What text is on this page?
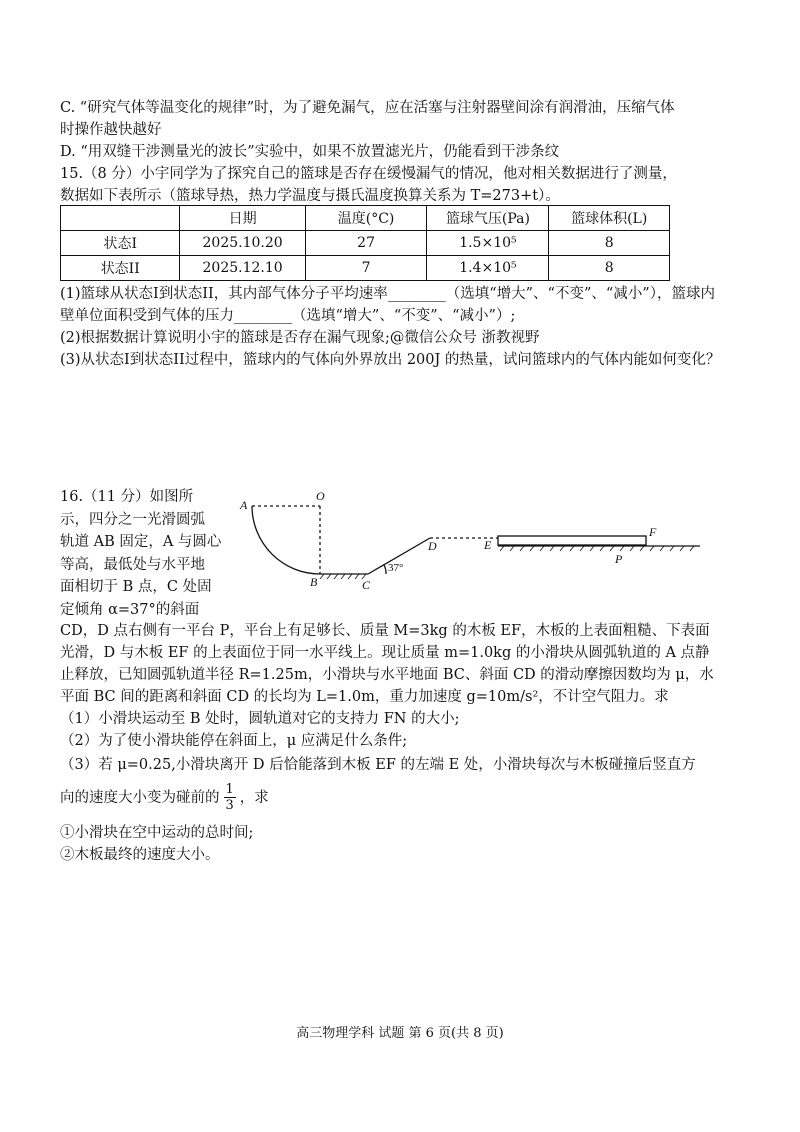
C. “研究气体等温变化的规律”时，为了避免漏气，应在活塞与注射器壁间涂有润滑油，压缩气体
时操作越快越好
D. “用双缝干涉测量光的波长”实验中，如果不放置滤光片，仍能看到干涉条纹
15.（8 分）小宇同学为了探究自己的篮球是否存在缓慢漏气的情况，他对相关数据进行了测量，
数据如下表所示（篮球导热，热力学温度与摄氏温度换算关系为 T=273+t）。
	日期	温度(°C)	篮球气压(Pa)	篮球体积(L)
状态I	2025.10.20	27	1.5×10⁵	8
状态II	2025.12.10	7	1.4×10⁵	8
(1)篮球从状态I到状态II，其内部气体分子平均速率________（选填“增大”、“不变”、“减小”），篮球内
壁单位面积受到气体的压力________（选填“增大”、“不变”、“减小”）;
(2)根据数据计算说明小宇的篮球是否存在漏气现象;@微信公众号 浙教视野
(3)从状态I到状态II过程中，篮球内的气体向外界放出 200J 的热量，试问篮球内的气体内能如何变化？
16.（11 分）如图所
示，四分之一光滑圆弧
轨道 AB 固定，A 与圆心
等高，最低处与水平地
面相切于 B 点，C 处固
定倾角 α=37°的斜面
A
O
B	C
D	E
F
P
37°
CD，D 点右侧有一平台 P，平台上有足够长、质量 M=3kg 的木板 EF，木板的上表面粗糙、下表面
光滑，D 与木板 EF 的上表面位于同一水平线上。现让质量 m=1.0kg 的小滑块从圆弧轨道的 A 点静
止释放，已知圆弧轨道半径 R=1.25m，小滑块与水平地面 BC、斜面 CD 的滑动摩擦因数均为 μ，水
平面 BC 间的距离和斜面 CD 的长均为 L=1.0m，重力加速度 g=10m/s²，不计空气阻力。求
（1）小滑块运动至 B 处时，圆轨道对它的支持力 FN 的大小;
（2）为了使小滑块能停在斜面上，μ 应满足什么条件;
（3）若 μ=0.25,小滑块离开 D 后恰能落到木板 EF 的左端 E 处，小滑块每次与木板碰撞后竖直方
向的速度大小变为碰前的 $\frac{1}{3}$ ，求
①小滑块在空中运动的总时间;
②木板最终的速度大小。
高三物理学科 试题 第 6 页(共 8 页)
